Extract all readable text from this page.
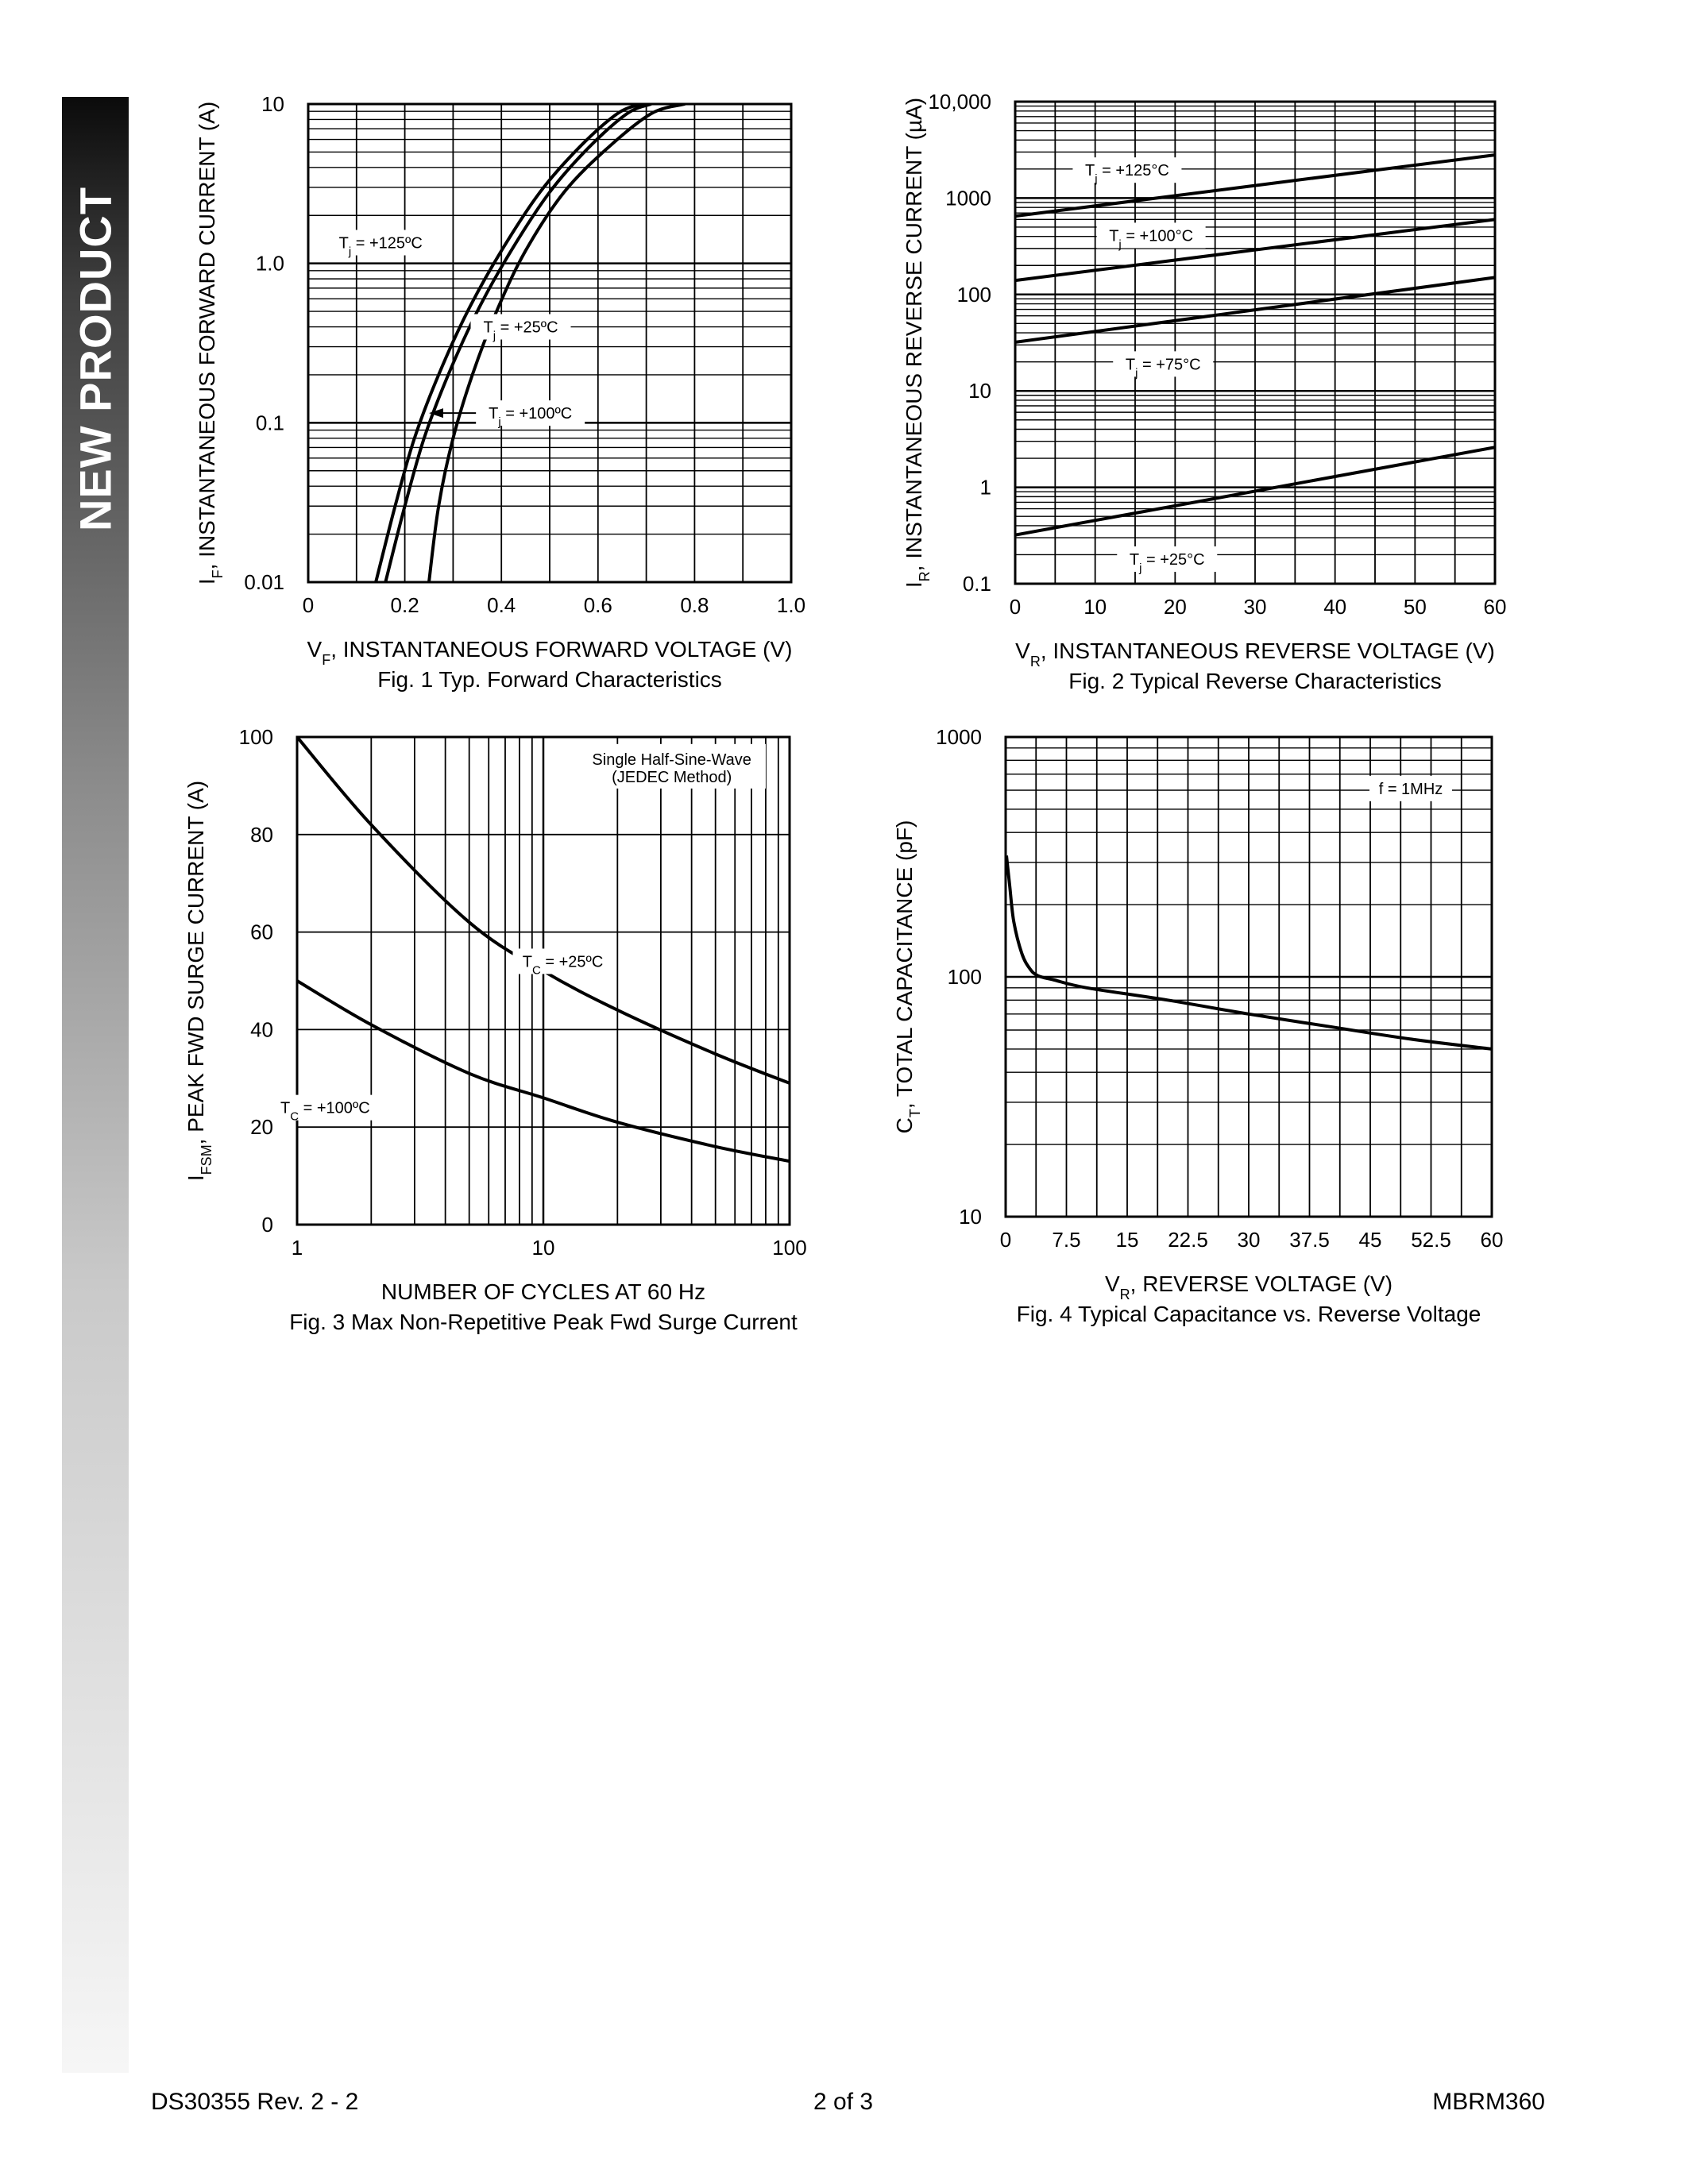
NEW PRODUCT	$T_j$ = +125ºC
$T_j$ = +25ºC
$T_j$ = +100ºC
0	0.2	0.4	0.6	0.8	1.0
0.01
0.1
1.0
10
$V_F$, INSTANTANEOUS FORWARD VOLTAGE (V)
$I_F$, INSTANTANEOUS FORWARD CURRENT (A)
Fig. 1 Typ. Forward Characteristics
$T_j = +125^\circ C$
$T_j = +100^\circ C$
$T_j = +75^\circ C$
$T_j = +25^\circ C$
0	10	20	30	40	50	60
0.1
1
10
100
1000
10,000
$V_R$, INSTANTANEOUS REVERSE VOLTAGE (V)
$I_R$, INSTANTANEOUS REVERSE CURRENT (µA)
Fig. 2 Typical Reverse Characteristics
$T_C$ = +25ºC
$T_C$ = +100ºC
Single Half-Sine-Wave
(JEDEC Method)
1	10	100
0
20
40
60
80
100
NUMBER OF CYCLES AT 60 Hz
$I_{FSM}$, PEAK FWD SURGE CURRENT (A)
Fig. 3 Max Non-Repetitive Peak Fwd Surge Current
f = 1MHz
0 7.5 15 22.5 30 37.5 45 52.5 60
10
100
1000
$V_R$, REVERSE VOLTAGE (V)
$C_T$, TOTAL CAPACITANCE (pF)
Fig. 4 Typical Capacitance vs. Reverse Voltage
DS30355 Rev. 2 - 2	2 of 3	MBRM360
